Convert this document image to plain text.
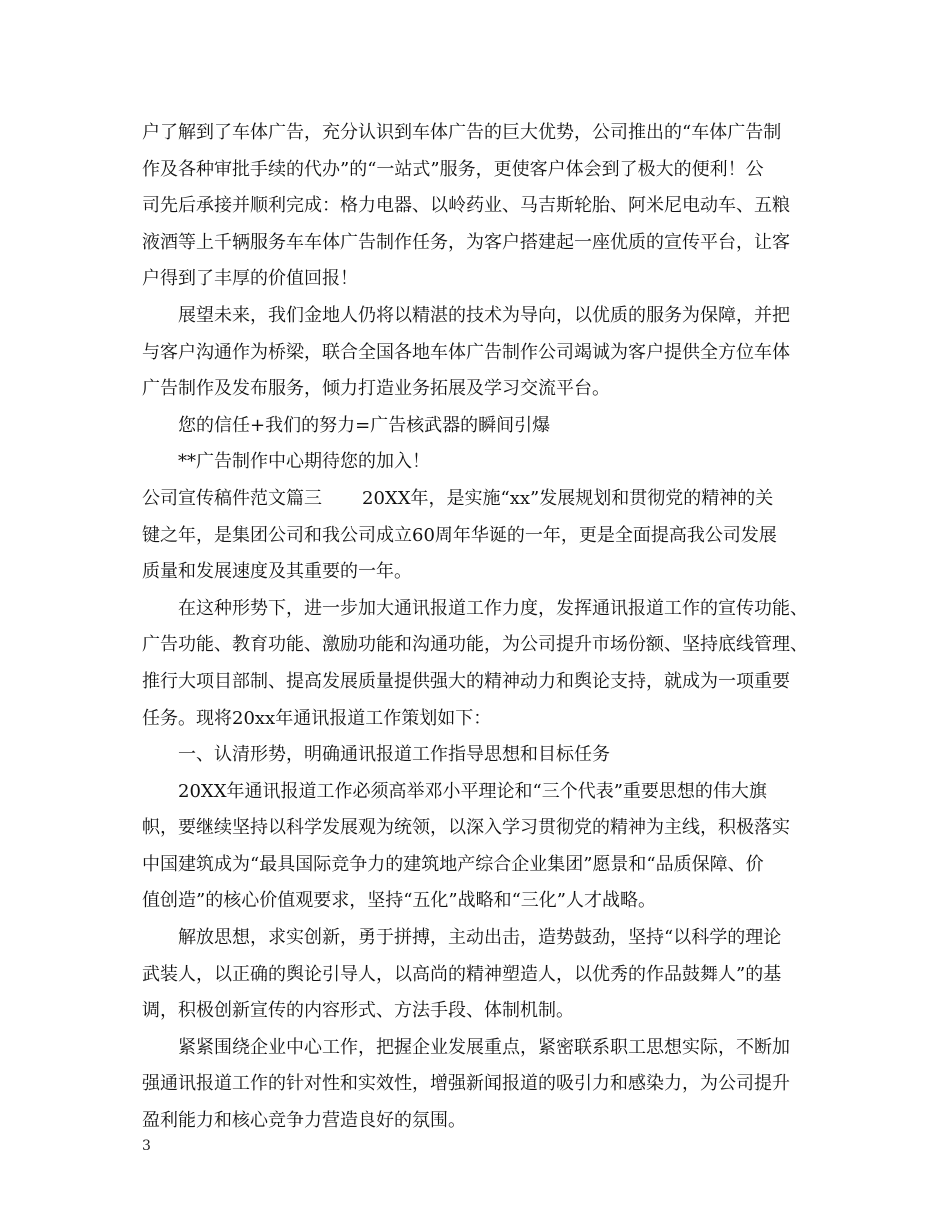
户了解到了车体广告，充分认识到车体广告的巨大优势，公司推出的“车体广告制
作及各种审批手续的代办”的“一站式”服务，更使客户体会到了极大的便利！公
司先后承接并顺利完成：格力电器、以岭药业、马吉斯轮胎、阿米尼电动车、五粮
液酒等上千辆服务车车体广告制作任务，为客户搭建起一座优质的宣传平台，让客
户得到了丰厚的价值回报！
展望未来，我们金地人仍将以精湛的技术为导向，以优质的服务为保障，并把
与客户沟通作为桥梁，联合全国各地车体广告制作公司竭诚为客户提供全方位车体
广告制作及发布服务，倾力打造业务拓展及学习交流平台。
您的信任+我们的努力=广告核武器的瞬间引爆
**广告制作中心期待您的加入！
公司宣传稿件范文篇三 20XX年，是实施“xx”发展规划和贯彻党的精神的关
键之年，是集团公司和我公司成立60周年华诞的一年，更是全面提高我公司发展
质量和发展速度及其重要的一年。
在这种形势下，进一步加大通讯报道工作力度，发挥通讯报道工作的宣传功能、
广告功能、教育功能、激励功能和沟通功能，为公司提升市场份额、坚持底线管理、
推行大项目部制、提高发展质量提供强大的精神动力和舆论支持，就成为一项重要
任务。现将20xx年通讯报道工作策划如下：
一、认清形势，明确通讯报道工作指导思想和目标任务
20XX年通讯报道工作必须高举邓小平理论和“三个代表”重要思想的伟大旗
帜，要继续坚持以科学发展观为统领，以深入学习贯彻党的精神为主线，积极落实
中国建筑成为“最具国际竞争力的建筑地产综合企业集团”愿景和“品质保障、价
值创造”的核心价值观要求，坚持“五化”战略和“三化”人才战略。
解放思想，求实创新，勇于拼搏，主动出击，造势鼓劲，坚持“以科学的理论
武装人，以正确的舆论引导人，以高尚的精神塑造人，以优秀的作品鼓舞人”的基
调，积极创新宣传的内容形式、方法手段、体制机制。
紧紧围绕企业中心工作，把握企业发展重点，紧密联系职工思想实际，不断加
强通讯报道工作的针对性和实效性，增强新闻报道的吸引力和感染力，为公司提升
盈利能力和核心竞争力营造良好的氛围。
3
